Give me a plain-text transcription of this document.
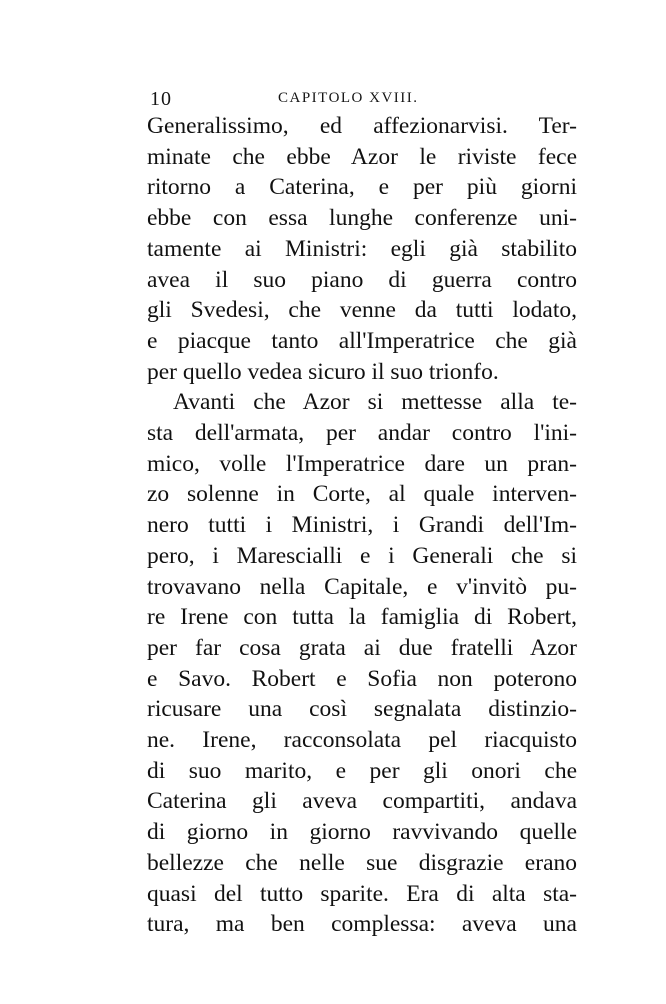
10	CAPITOLO XVIII.
Generalissimo, ed affezionarvisi. Ter-
minate che ebbe Azor le riviste fece
ritorno a Caterina, e per più giorni
ebbe con essa lunghe conferenze uni-
tamente ai Ministri: egli già stabilito
avea il suo piano di guerra contro
gli Svedesi, che venne da tutti lodato,
e piacque tanto all'Imperatrice che già
per quello vedea sicuro il suo trionfo.
Avanti che Azor si mettesse alla te-
sta dell'armata, per andar contro l'ini-
mico, volle l'Imperatrice dare un pran-
zo solenne in Corte, al quale interven-
nero tutti i Ministri, i Grandi dell'Im-
pero, i Marescialli e i Generali che si
trovavano nella Capitale, e v'invitò pu-
re Irene con tutta la famiglia di Robert,
per far cosa grata ai due fratelli Azor
e Savo. Robert e Sofia non poterono
ricusare una così segnalata distinzio-
ne. Irene, racconsolata pel riacquisto
di suo marito, e per gli onori che
Caterina gli aveva compartiti, andava
di giorno in giorno ravvivando quelle
bellezze che nelle sue disgrazie erano
quasi del tutto sparite. Era di alta sta-
tura, ma ben complessa: aveva una
